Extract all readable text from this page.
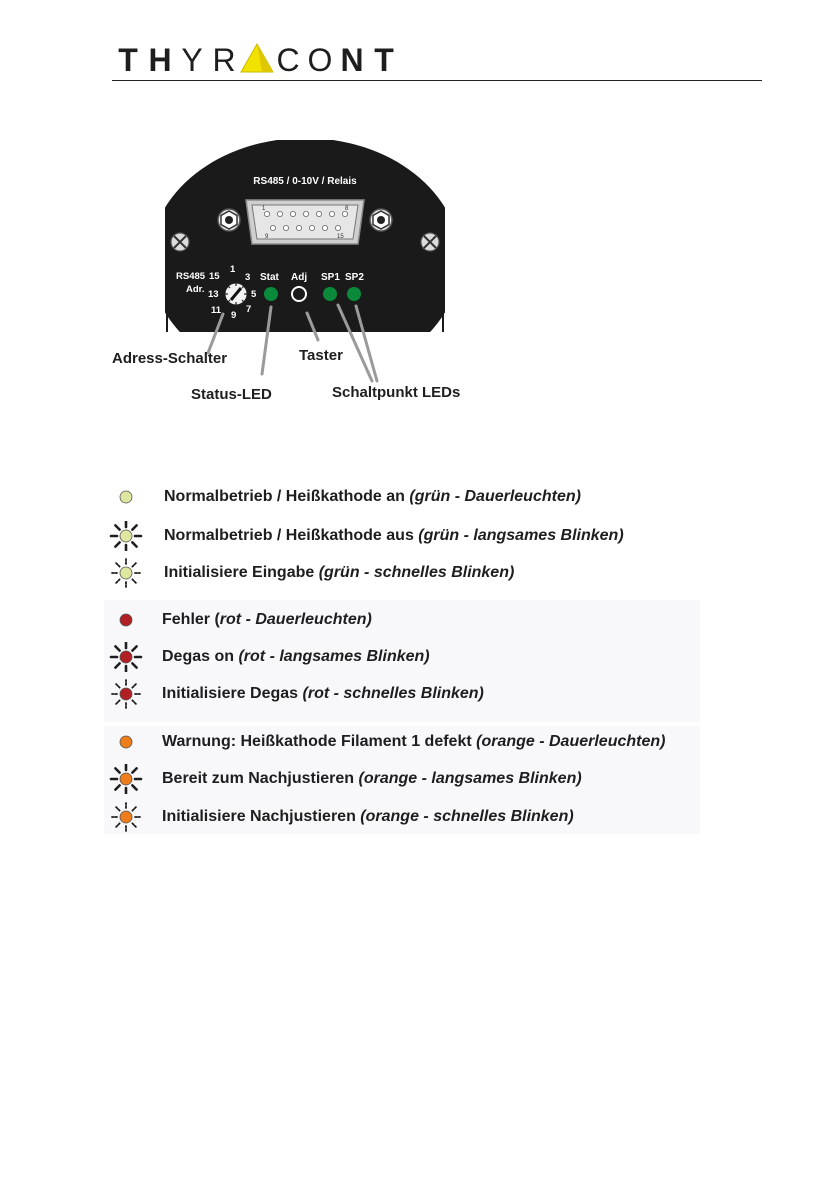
T H Y R C O N T
RS485 / 0-10V / Relais
1	8
9	15
RS485
Adr.
15
1
3
13	5
11 9
7
Stat Adj SP1 SP2
Adress-Schalter
Status-LED
Taster
Schaltpunkt LEDs
Normalbetrieb / Heißkathode an (grün - Dauerleuchten)
Normalbetrieb / Heißkathode aus (grün - langsames Blinken)
Initialisiere Eingabe (grün - schnelles Blinken)
Fehler (rot - Dauerleuchten)
Degas on (rot - langsames Blinken)
Initialisiere Degas (rot - schnelles Blinken)
Warnung: Heißkathode Filament 1 defekt (orange - Dauerleuchten)
Bereit zum Nachjustieren (orange - langsames Blinken)
Initialisiere Nachjustieren (orange - schnelles Blinken)
